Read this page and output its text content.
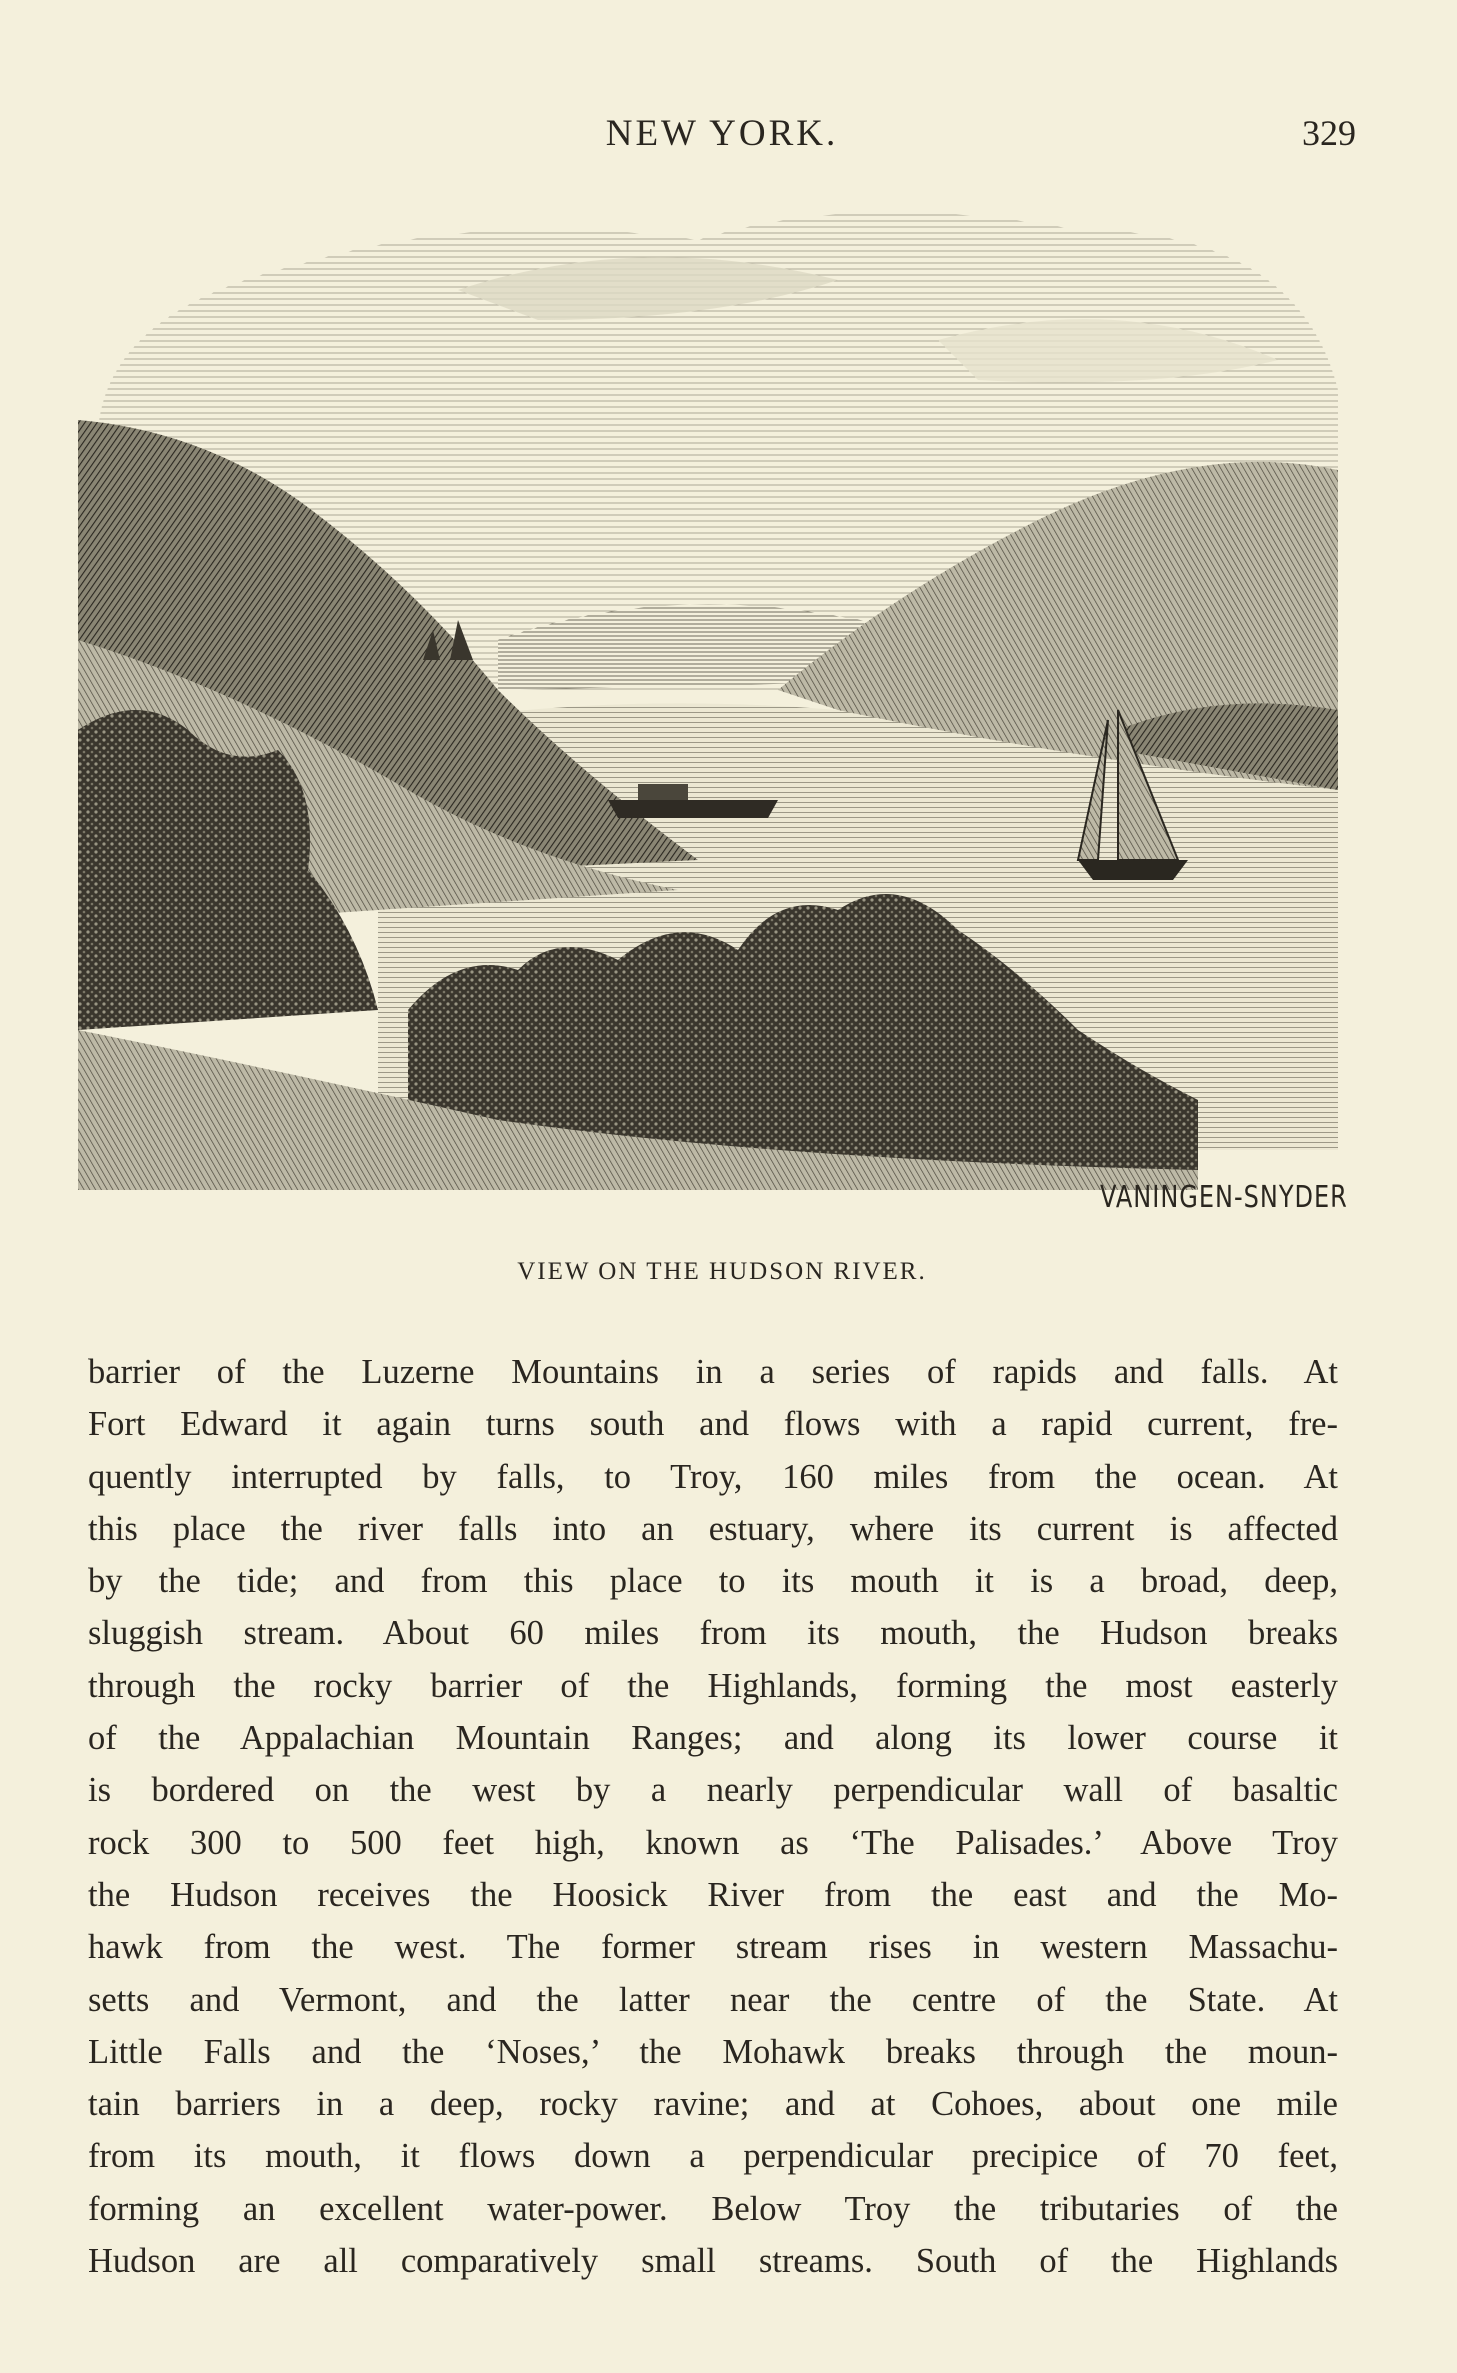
NEW YORK.	329
VANINGEN-SNYDER
VIEW ON THE HUDSON RIVER.
barrier of the Luzerne Mountains in a series of rapids and falls. At
Fort Edward it again turns south and flows with a rapid current, fre-
quently interrupted by falls, to Troy, 160 miles from the ocean. At
this place the river falls into an estuary, where its current is affected
by the tide; and from this place to its mouth it is a broad, deep,
sluggish stream. About 60 miles from its mouth, the Hudson breaks
through the rocky barrier of the Highlands, forming the most easterly
of the Appalachian Mountain Ranges; and along its lower course it
is bordered on the west by a nearly perpendicular wall of basaltic
rock 300 to 500 feet high, known as ‘The Palisades.’ Above Troy
the Hudson receives the Hoosick River from the east and the Mo-
hawk from the west. The former stream rises in western Massachu-
setts and Vermont, and the latter near the centre of the State. At
Little Falls and the ‘Noses,’ the Mohawk breaks through the moun-
tain barriers in a deep, rocky ravine; and at Cohoes, about one mile
from its mouth, it flows down a perpendicular precipice of 70 feet,
forming an excellent water-power. Below Troy the tributaries of the
Hudson are all comparatively small streams. South of the Highlands
